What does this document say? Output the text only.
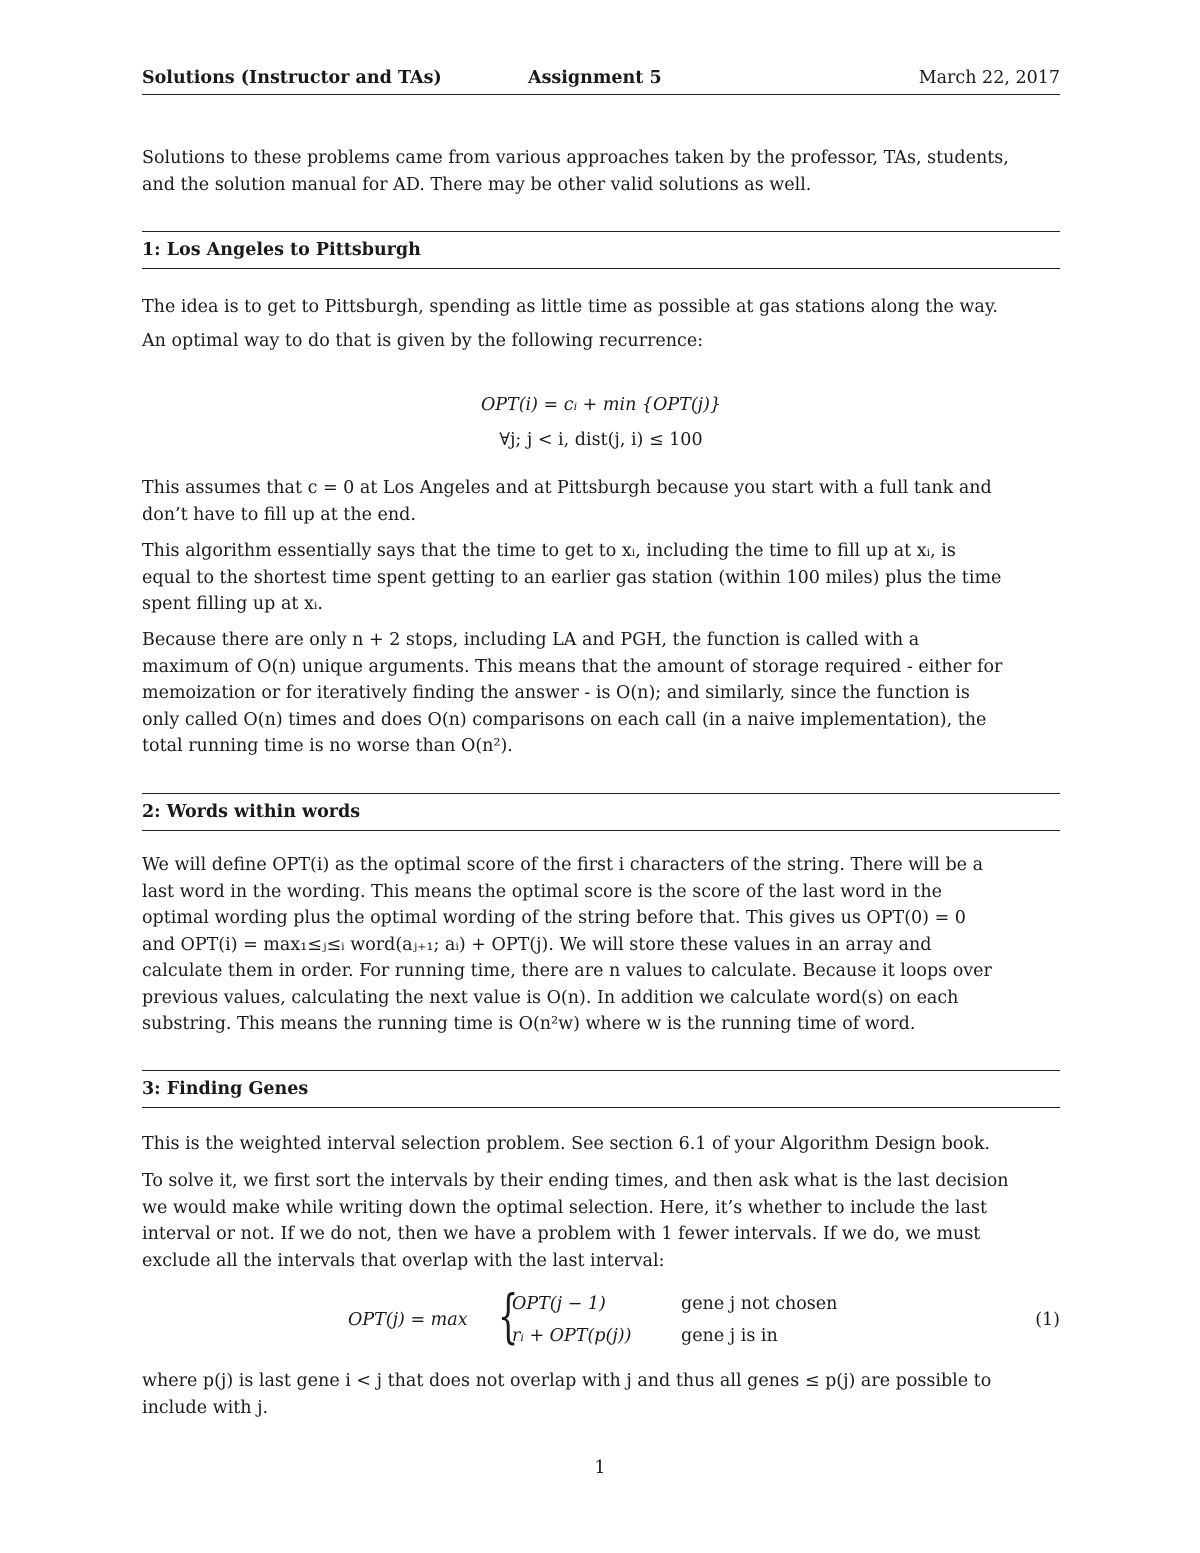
Solutions (Instructor and TAs)	Assignment 5	March 22, 2017

Solutions to these problems came from various approaches taken by the professor, TAs, students,
and the solution manual for AD. There may be other valid solutions as well.

1: Los Angeles to Pittsburgh

The idea is to get to Pittsburgh, spending as little time as possible at gas stations along the way.

An optimal way to do that is given by the following recurrence:

OPT(i) = cᵢ + min {OPT(j)}
∀j; j < i, dist(j, i) ≤ 100

This assumes that c = 0 at Los Angeles and at Pittsburgh because you start with a full tank and
don’t have to fill up at the end.

This algorithm essentially says that the time to get to xᵢ, including the time to fill up at xᵢ, is
equal to the shortest time spent getting to an earlier gas station (within 100 miles) plus the time
spent filling up at xᵢ.

Because there are only n + 2 stops, including LA and PGH, the function is called with a
maximum of O(n) unique arguments. This means that the amount of storage required - either for
memoization or for iteratively finding the answer - is O(n); and similarly, since the function is
only called O(n) times and does O(n) comparisons on each call (in a naive implementation), the
total running time is no worse than O(n²).

2: Words within words

We will define OPT(i) as the optimal score of the first i characters of the string. There will be a
last word in the wording. This means the optimal score is the score of the last word in the
optimal wording plus the optimal wording of the string before that. This gives us OPT(0) = 0
and OPT(i) = max₁≤ⱼ≤ᵢ word(aⱼ₊₁; aᵢ) + OPT(j). We will store these values in an array and
calculate them in order. For running time, there are n values to calculate. Because it loops over
previous values, calculating the next value is O(n). In addition we calculate word(s) on each
substring. This means the running time is O(n²w) where w is the running time of word.

3: Finding Genes

This is the weighted interval selection problem. See section 6.1 of your Algorithm Design book.

To solve it, we first sort the intervals by their ending times, and then ask what is the last decision
we would make while writing down the optimal selection. Here, it’s whether to include the last
interval or not. If we do not, then we have a problem with 1 fewer intervals. If we do, we must
exclude all the intervals that overlap with the last interval:

OPT(j) = max {
OPT(j − 1)	gene j not chosen
rᵢ + OPT(p(j))	gene j is in
(1)

where p(j) is last gene i < j that does not overlap with j and thus all genes ≤ p(j) are possible to
include with j.

1
